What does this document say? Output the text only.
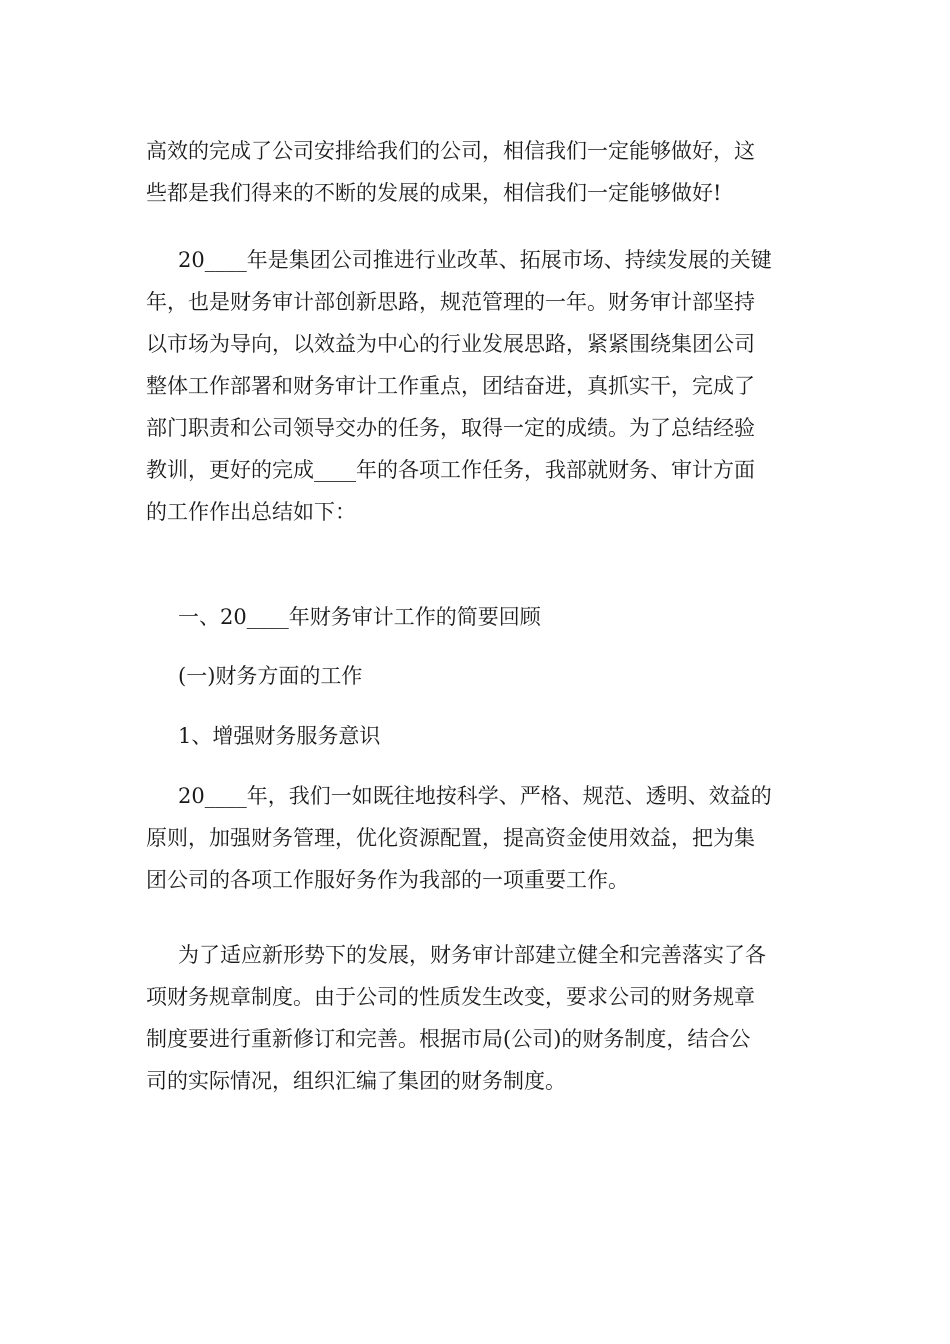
高效的完成了公司安排给我们的公司，相信我们一定能够做好，这
些都是我们得来的不断的发展的成果，相信我们一定能够做好!
20____年是集团公司推进行业改革、拓展市场、持续发展的关键
年，也是财务审计部创新思路，规范管理的一年。财务审计部坚持
以市场为导向，以效益为中心的行业发展思路，紧紧围绕集团公司
整体工作部署和财务审计工作重点，团结奋进，真抓实干，完成了
部门职责和公司领导交办的任务，取得一定的成绩。为了总结经验
教训，更好的完成____年的各项工作任务，我部就财务、审计方面
的工作作出总结如下：
一、20____年财务审计工作的简要回顾
(一)财务方面的工作
1、增强财务服务意识
20____年，我们一如既往地按科学、严格、规范、透明、效益的
原则，加强财务管理，优化资源配置，提高资金使用效益，把为集
团公司的各项工作服好务作为我部的一项重要工作。
为了适应新形势下的发展，财务审计部建立健全和完善落实了各
项财务规章制度。由于公司的性质发生改变，要求公司的财务规章
制度要进行重新修订和完善。根据市局(公司)的财务制度，结合公
司的实际情况，组织汇编了集团的财务制度。
